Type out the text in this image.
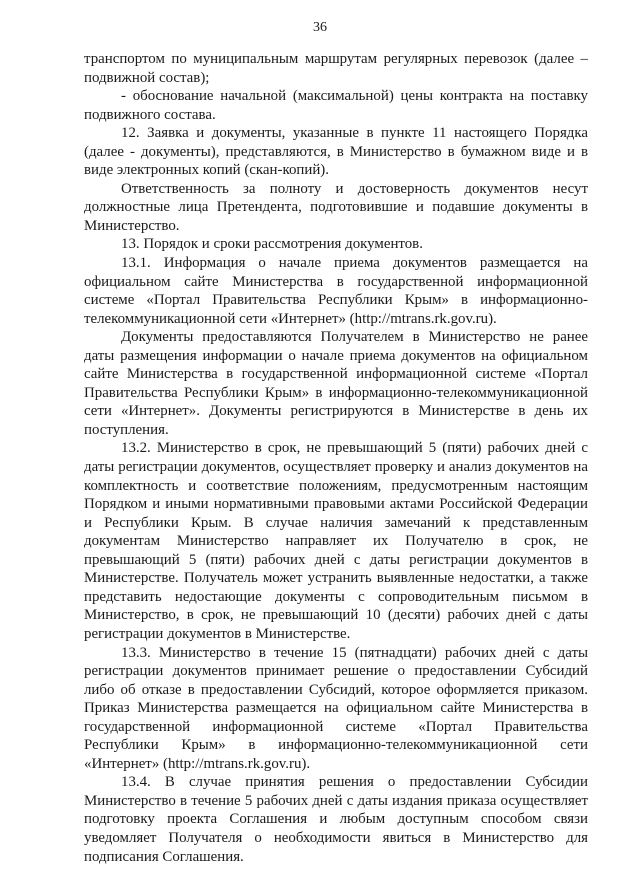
36

транспортом по муниципальным маршрутам регулярных перевозок (далее – подвижной состав);

- обоснование начальной (максимальной) цены контракта на поставку подвижного состава.

12. Заявка и документы, указанные в пункте 11 настоящего Порядка (далее - документы), представляются, в Министерство в бумажном виде и в виде электронных копий (скан-копий).

Ответственность за полноту и достоверность документов несут должностные лица Претендента, подготовившие и подавшие документы в Министерство.

13. Порядок и сроки рассмотрения документов.

13.1. Информация о начале приема документов размещается на официальном сайте Министерства в государственной информационной системе «Портал Правительства Республики Крым» в информационно-телекоммуникационной сети «Интернет» (http://mtrans.rk.gov.ru).

Документы предоставляются Получателем в Министерство не ранее даты размещения информации о начале приема документов на официальном сайте Министерства в государственной информационной системе «Портал Правительства Республики Крым» в информационно-телекоммуникационной сети «Интернет». Документы регистрируются в Министерстве в день их поступления.

13.2. Министерство в срок, не превышающий 5 (пяти) рабочих дней с даты регистрации документов, осуществляет проверку и анализ документов на комплектность и соответствие положениям, предусмотренным настоящим Порядком и иными нормативными правовыми актами Российской Федерации и Республики Крым. В случае наличия замечаний к представленным документам Министерство направляет их Получателю в срок, не превышающий 5 (пяти) рабочих дней с даты регистрации документов в Министерстве. Получатель может устранить выявленные недостатки, а также представить недостающие документы с сопроводительным письмом в Министерство, в срок, не превышающий 10 (десяти) рабочих дней с даты регистрации документов в Министерстве.

13.3. Министерство в течение 15 (пятнадцати) рабочих дней с даты регистрации документов принимает решение о предоставлении Субсидий либо об отказе в предоставлении Субсидий, которое оформляется приказом. Приказ Министерства размещается на официальном сайте Министерства в государственной информационной системе «Портал Правительства Республики Крым» в информационно-телекоммуникационной сети «Интернет» (http://mtrans.rk.gov.ru).

13.4. В случае принятия решения о предоставлении Субсидии Министерство в течение 5 рабочих дней с даты издания приказа осуществляет подготовку проекта Соглашения и любым доступным способом связи уведомляет Получателя о необходимости явиться в Министерство для подписания Соглашения.
